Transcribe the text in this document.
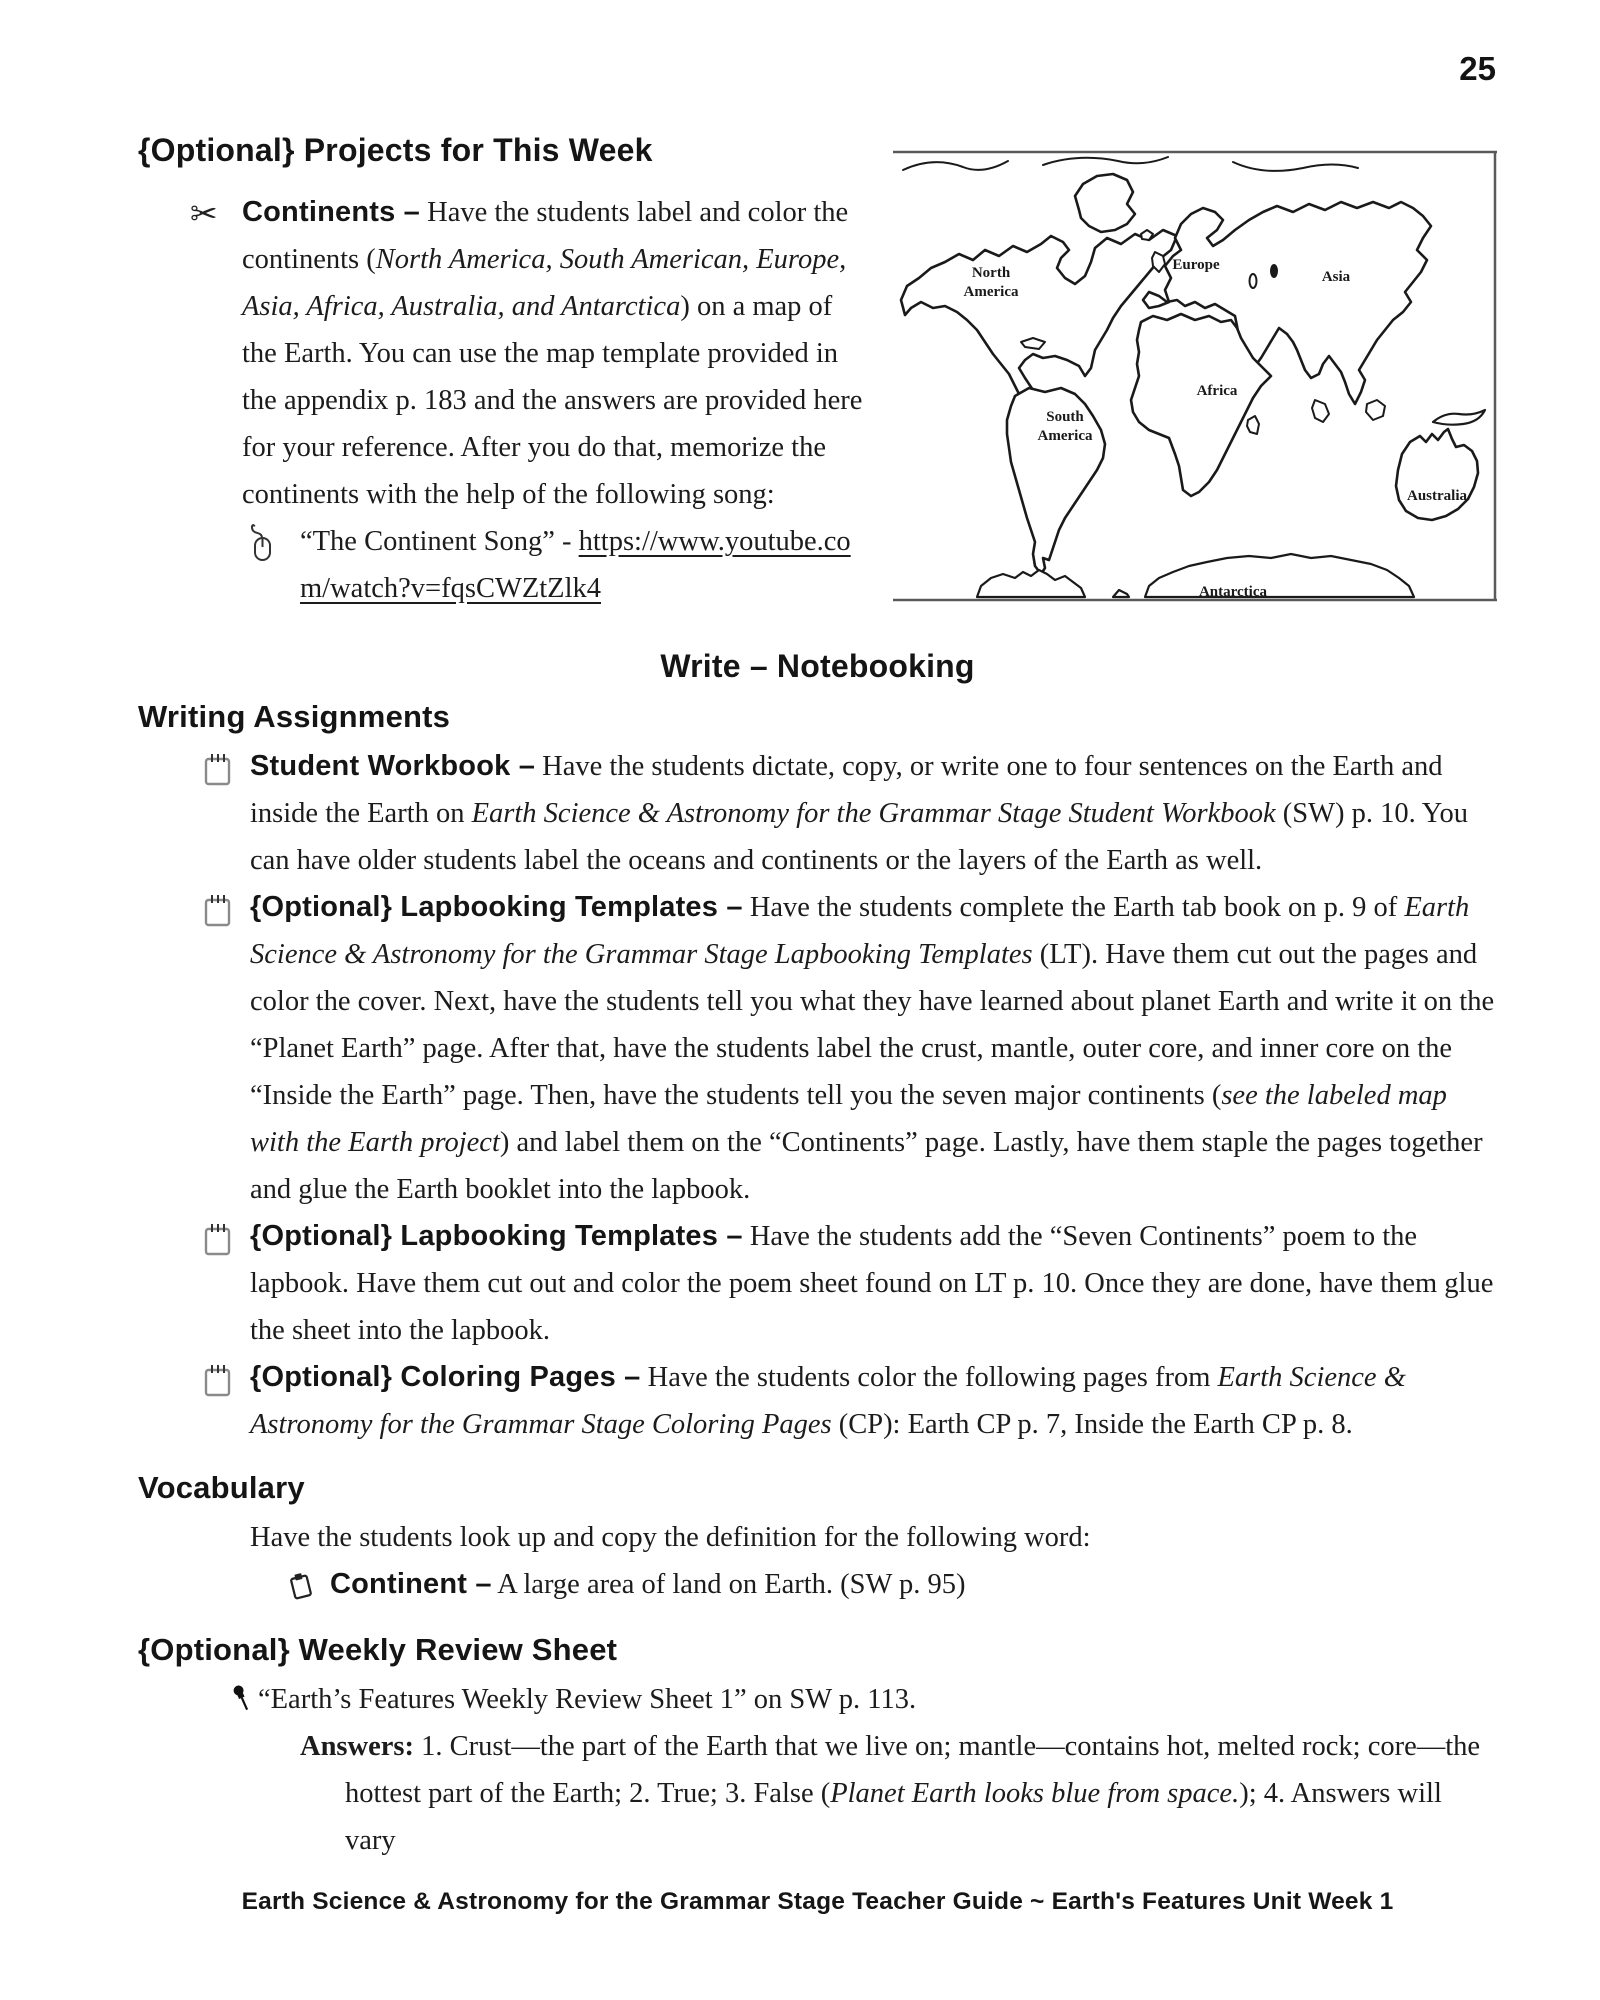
25
North
America
South
America
Europe
Asia
Africa
Australia
Antarctica
{Optional} Projects for This Week
✂ Continents – Have the students label and color the continents (North America, South American, Europe, Asia, Africa, Australia, and Antarctica) on a map of the Earth. You can use the map template provided in the appendix p. 183 and the answers are provided here for your reference. After you do that, memorize the continents with the help of the following song:

“The Continent Song” - https://www.youtube.com/watch?v=fqsCWZtZlk4

Write – Notebooking
Writing Assignments

Student Workbook – Have the students dictate, copy, or write one to four sentences on the Earth and inside the Earth on Earth Science & Astronomy for the Grammar Stage Student Workbook (SW) p. 10. You can have older students label the oceans and continents or the layers of the Earth as well.

{Optional} Lapbooking Templates – Have the students complete the Earth tab book on p. 9 of Earth Science & Astronomy for the Grammar Stage Lapbooking Templates (LT). Have them cut out the pages and color the cover. Next, have the students tell you what they have learned about planet Earth and write it on the “Planet Earth” page. After that, have the students label the crust, mantle, outer core, and inner core on the “Inside the Earth” page. Then, have the students tell you the seven major continents (see the labeled map with the Earth project) and label them on the “Continents” page. Lastly, have them staple the pages together and glue the Earth booklet into the lapbook.

{Optional} Lapbooking Templates – Have the students add the “Seven Continents” poem to the lapbook. Have them cut out and color the poem sheet found on LT p. 10. Once they are done, have them glue the sheet into the lapbook.

{Optional} Coloring Pages – Have the students color the following pages from Earth Science & Astronomy for the Grammar Stage Coloring Pages (CP): Earth CP p. 7, Inside the Earth CP p. 8.

Vocabulary

Have the students look up and copy the definition for the following word:

Continent – A large area of land on Earth. (SW p. 95)

{Optional} Weekly Review Sheet

“Earth’s Features Weekly Review Sheet 1” on SW p. 113.

Answers: 1. Crust—the part of the Earth that we live on; mantle—contains hot, melted rock; core—the hottest part of the Earth; 2. True; 3. False (Planet Earth looks blue from space.); 4. Answers will vary

Earth Science & Astronomy for the Grammar Stage Teacher Guide ~ Earth's Features Unit Week 1
